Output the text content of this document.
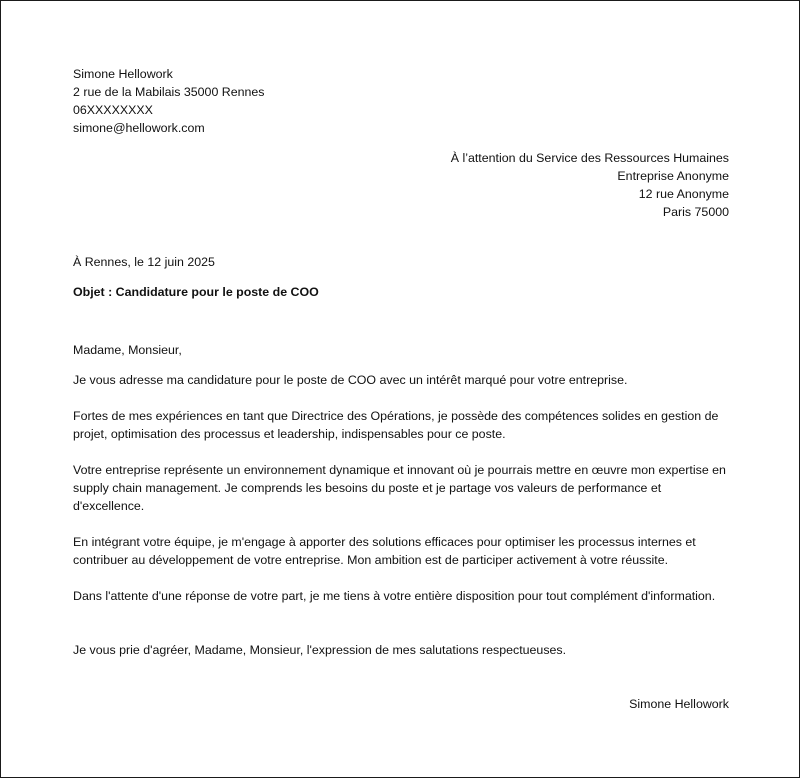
Simone Hellowork
2 rue de la Mabilais 35000 Rennes
06XXXXXXXX
simone@hellowork.com
À l’attention du Service des Ressources Humaines
Entreprise Anonyme
12 rue Anonyme
Paris 75000
À Rennes, le 12 juin 2025
Objet : Candidature pour le poste de COO
Madame, Monsieur,
Je vous adresse ma candidature pour le poste de COO avec un intérêt marqué pour votre entreprise.
Fortes de mes expériences en tant que Directrice des Opérations, je possède des compétences solides en gestion de projet, optimisation des processus et leadership, indispensables pour ce poste.
Votre entreprise représente un environnement dynamique et innovant où je pourrais mettre en œuvre mon expertise en supply chain management. Je comprends les besoins du poste et je partage vos valeurs de performance et d'excellence.
En intégrant votre équipe, je m'engage à apporter des solutions efficaces pour optimiser les processus internes et contribuer au développement de votre entreprise. Mon ambition est de participer activement à votre réussite.
Dans l'attente d'une réponse de votre part, je me tiens à votre entière disposition pour tout complément d'information.
Je vous prie d'agréer, Madame, Monsieur, l'expression de mes salutations respectueuses.
Simone Hellowork
